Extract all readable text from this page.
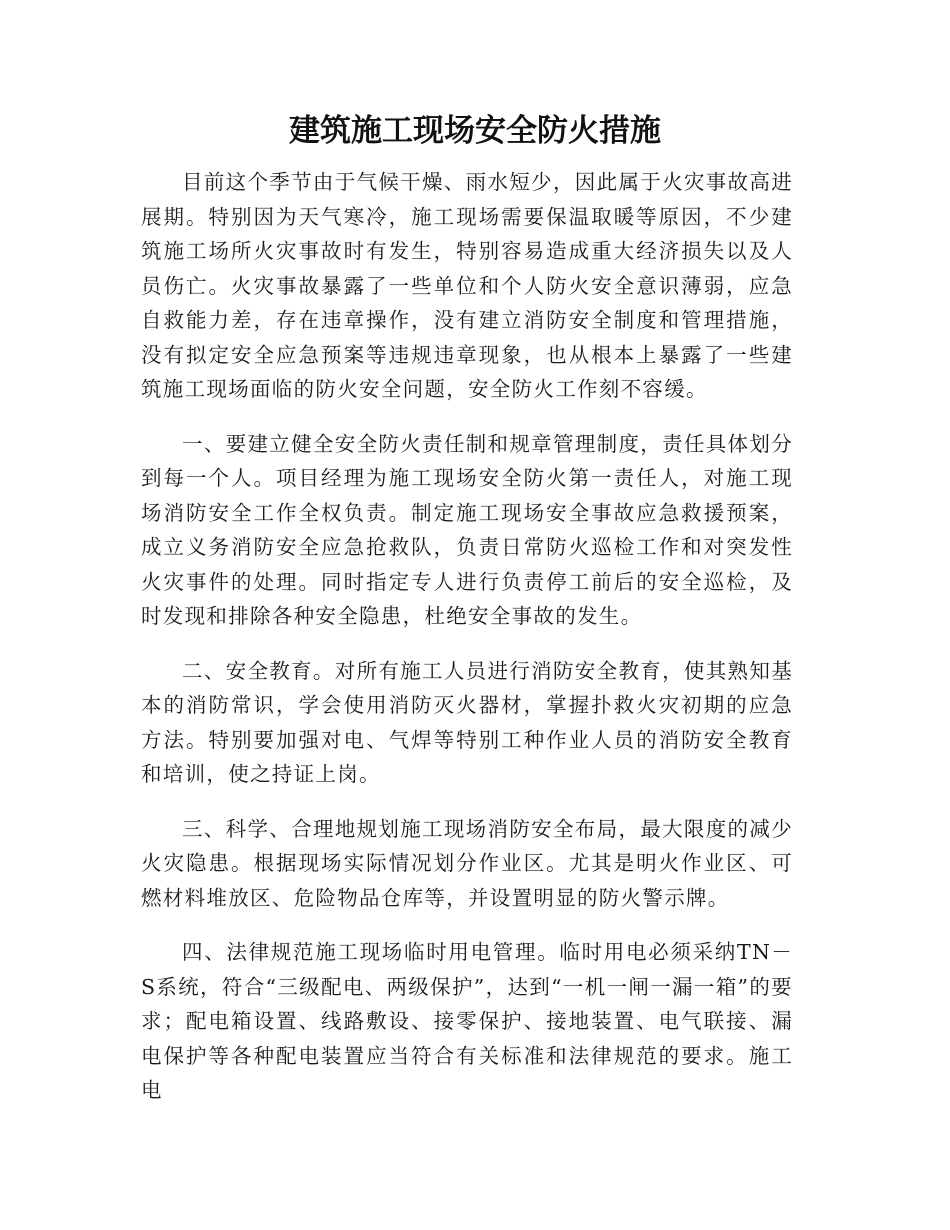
建筑施工现场安全防火措施

目前这个季节由于气候干燥、雨水短少，因此属于火灾事故高进展期。特别因为天气寒冷，施工现场需要保温取暖等原因，不少建筑施工场所火灾事故时有发生，特别容易造成重大经济损失以及人员伤亡。火灾事故暴露了一些单位和个人防火安全意识薄弱，应急自救能力差，存在违章操作，没有建立消防安全制度和管理措施，没有拟定安全应急预案等违规违章现象，也从根本上暴露了一些建筑施工现场面临的防火安全问题，安全防火工作刻不容缓。

一、要建立健全安全防火责任制和规章管理制度，责任具体划分到每一个人。项目经理为施工现场安全防火第一责任人，对施工现场消防安全工作全权负责。制定施工现场安全事故应急救援预案，成立义务消防安全应急抢救队，负责日常防火巡检工作和对突发性火灾事件的处理。同时指定专人进行负责停工前后的安全巡检，及时发现和排除各种安全隐患，杜绝安全事故的发生。

二、安全教育。对所有施工人员进行消防安全教育，使其熟知基本的消防常识，学会使用消防灭火器材，掌握扑救火灾初期的应急方法。特别要加强对电、气焊等特别工种作业人员的消防安全教育和培训，使之持证上岗。

三、科学、合理地规划施工现场消防安全布局，最大限度的减少火灾隐患。根据现场实际情况划分作业区。尤其是明火作业区、可燃材料堆放区、危险物品仓库等，并设置明显的防火警示牌。

四、法律规范施工现场临时用电管理。临时用电必须采纳TN－S系统，符合“三级配电、两级保护”，达到“一机一闸一漏一箱”的要求；配电箱设置、线路敷设、接零保护、接地装置、电气联接、漏电保护等各种配电装置应当符合有关标准和法律规范的要求。施工电
